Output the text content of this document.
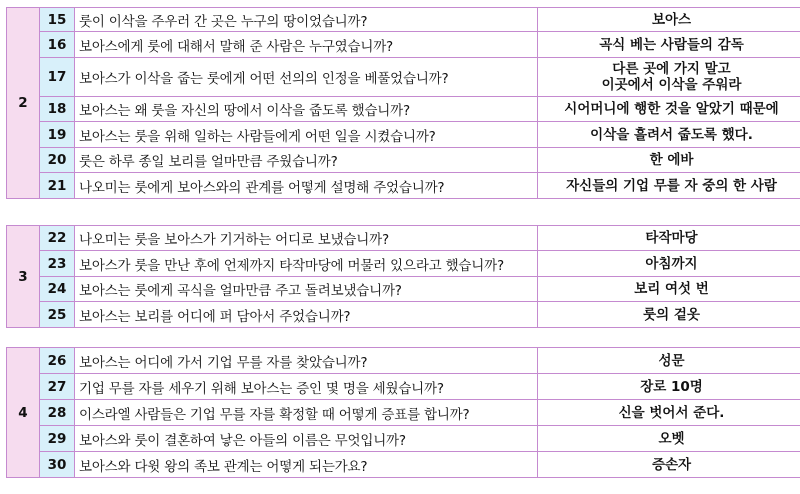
2	15	룻이 이삭을 주우러 간 곳은 누구의 땅이었습니까?	보아스

	16	보아스에게 룻에 대해서 말해 준 사람은 누구였습니까?	곡식 베는 사람들의 감독

	17	보아스가 이삭을 줍는 룻에게 어떤 선의의 인정을 베풀었습니까?	다른 곳에 가지 말고
이곳에서 이삭을 주워라

	18	보아스는 왜 룻을 자신의 땅에서 이삭을 줍도록 했습니까?	시어머니에 행한 것을 알았기 때문에

	19	보아스는 룻을 위해 일하는 사람들에게 어떤 일을 시켰습니까?	이삭을 흘려서 줍도록 했다.

	20	룻은 하루 종일 보리를 얼마만큼 주웠습니까?	한 에바

	21	나오미는 룻에게 보아스와의 관계를 어떻게 설명해 주었습니까?	자신들의 기업 무를 자 중의 한 사람
3	22	나오미는 룻을 보아스가 기거하는 어디로 보냈습니까?	타작마당

	23	보아스가 룻을 만난 후에 언제까지 타작마당에 머물러 있으라고 했습니까?	아침까지

	24	보아스는 룻에게 곡식을 얼마만큼 주고 돌려보냈습니까?	보리 여섯 번

	25	보아스는 보리를 어디에 퍼 담아서 주었습니까?	룻의 겉옷
4	26	보아스는 어디에 가서 기업 무를 자를 찾았습니까?	성문

	27	기업 무를 자를 세우기 위해 보아스는 증인 몇 명을 세웠습니까?	장로 10명

	28	이스라엘 사람들은 기업 무를 자를 확정할 때 어떻게 증표를 합니까?	신을 벗어서 준다.

	29	보아스와 룻이 결혼하여 낳은 아들의 이름은 무엇입니까?	오벳

	30	보아스와 다윗 왕의 족보 관계는 어떻게 되는가요?	증손자
